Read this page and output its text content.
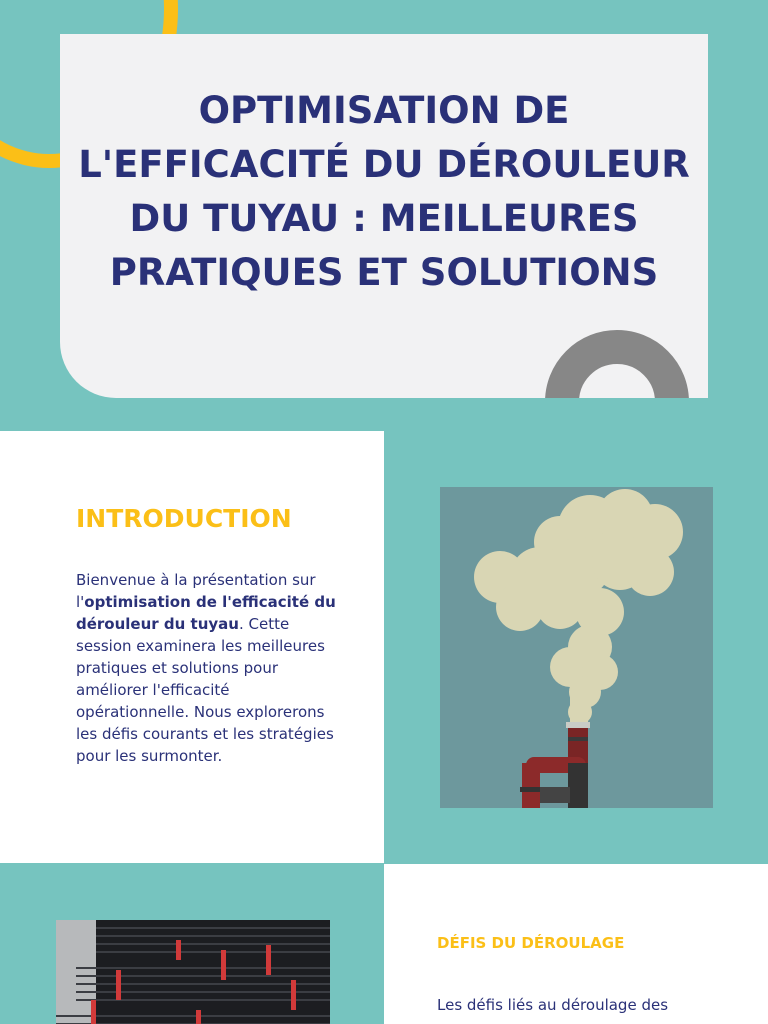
OPTIMISATION DE L'EFFICACITÉ DU DÉROULEUR DU TUYAU : MEILLEURES PRATIQUES ET SOLUTIONS
INTRODUCTION
Bienvenue à la présentation sur l'optimisation de l'efficacité du dérouleur du tuyau. Cette session examinera les meilleures pratiques et solutions pour améliorer l'efficacité opérationnelle. Nous explorerons les défis courants et les stratégies pour les surmonter.
DÉFIS DU DÉROULAGE
Les défis liés au déroulage des
